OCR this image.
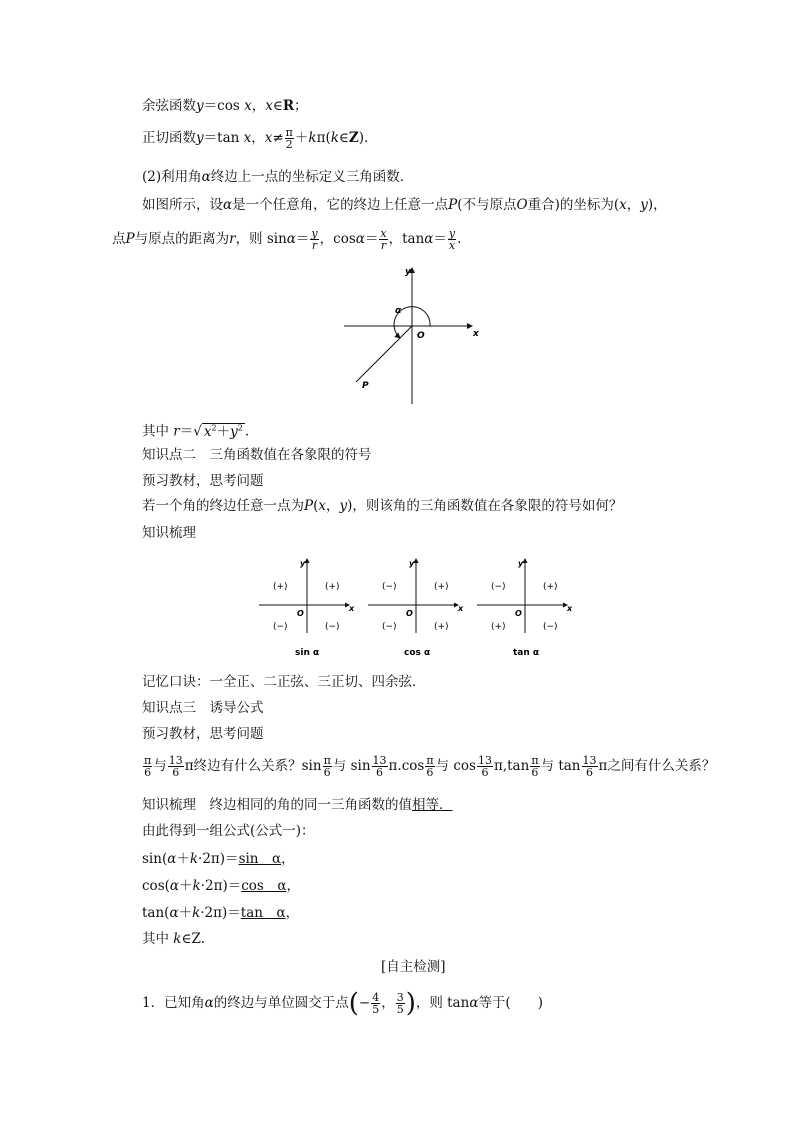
余弦函数y＝cos x，x∈R；
正切函数y＝tan x，$x\ne \frac{\pi}{2}$ ＋kπ(k∈Z)．
(2)利用角α终边上一点的坐标定义三角函数．
如图所示，设α是一个任意角，它的终边上任意一点P(不与原点O重合)的坐标为(x，y)，
点P与原点的距离为r，则 $\sin\alpha= \frac{y}{r}$ ，$\cos\alpha= \frac{x}{r}$ ，$\tan\alpha= \frac{y}{x}$ .
y
x
O
α
P
其中 r＝√ $x^2+y^2$ .
知识点二　三角函数值在各象限的符号
预习教材，思考问题
若一个角的终边任意一点为P(x，y)，则该角的三角函数值在各象限的符号如何？
知识梳理
y
x
O
(+)
(+)
(−)	(−)
sin α
y
x
O
(+)
(−)
(−)	(+)
cos α
y
x
O
(+)
(−)
(+)	(−)
tan α
记忆口诀：一全正、二正弦、三正切、四余弦．
知识点三　诱导公式
预习教材，思考问题
$\frac{\pi}{6}$ 与 $\frac{13}{6}$ π终边有什么关系？$\sin \frac{\pi}{6}$ 与 $\sin \frac{13}{6} \pi.\cos \frac{\pi}{6}$ 与 $\cos \frac{13}{6} \pi,\tan \frac{\pi}{6}$ 与 $\tan \frac{13}{6}$ π之间有什么关系？
知识梳理　终边相同的角的同一三角函数的值相等．
由此得到一组公式(公式一)：
sin(α＋k·2π)＝sin　α，
cos(α＋k·2π)＝cos　α，
tan(α＋k·2π)＝tan　α，
其中 k∈Z.
[自主检测]
1．已知角α的终边与单位圆交于点(− $\frac{4}{5}$ ， $\frac{3}{5}$ )，则 tanα等于(　　)
